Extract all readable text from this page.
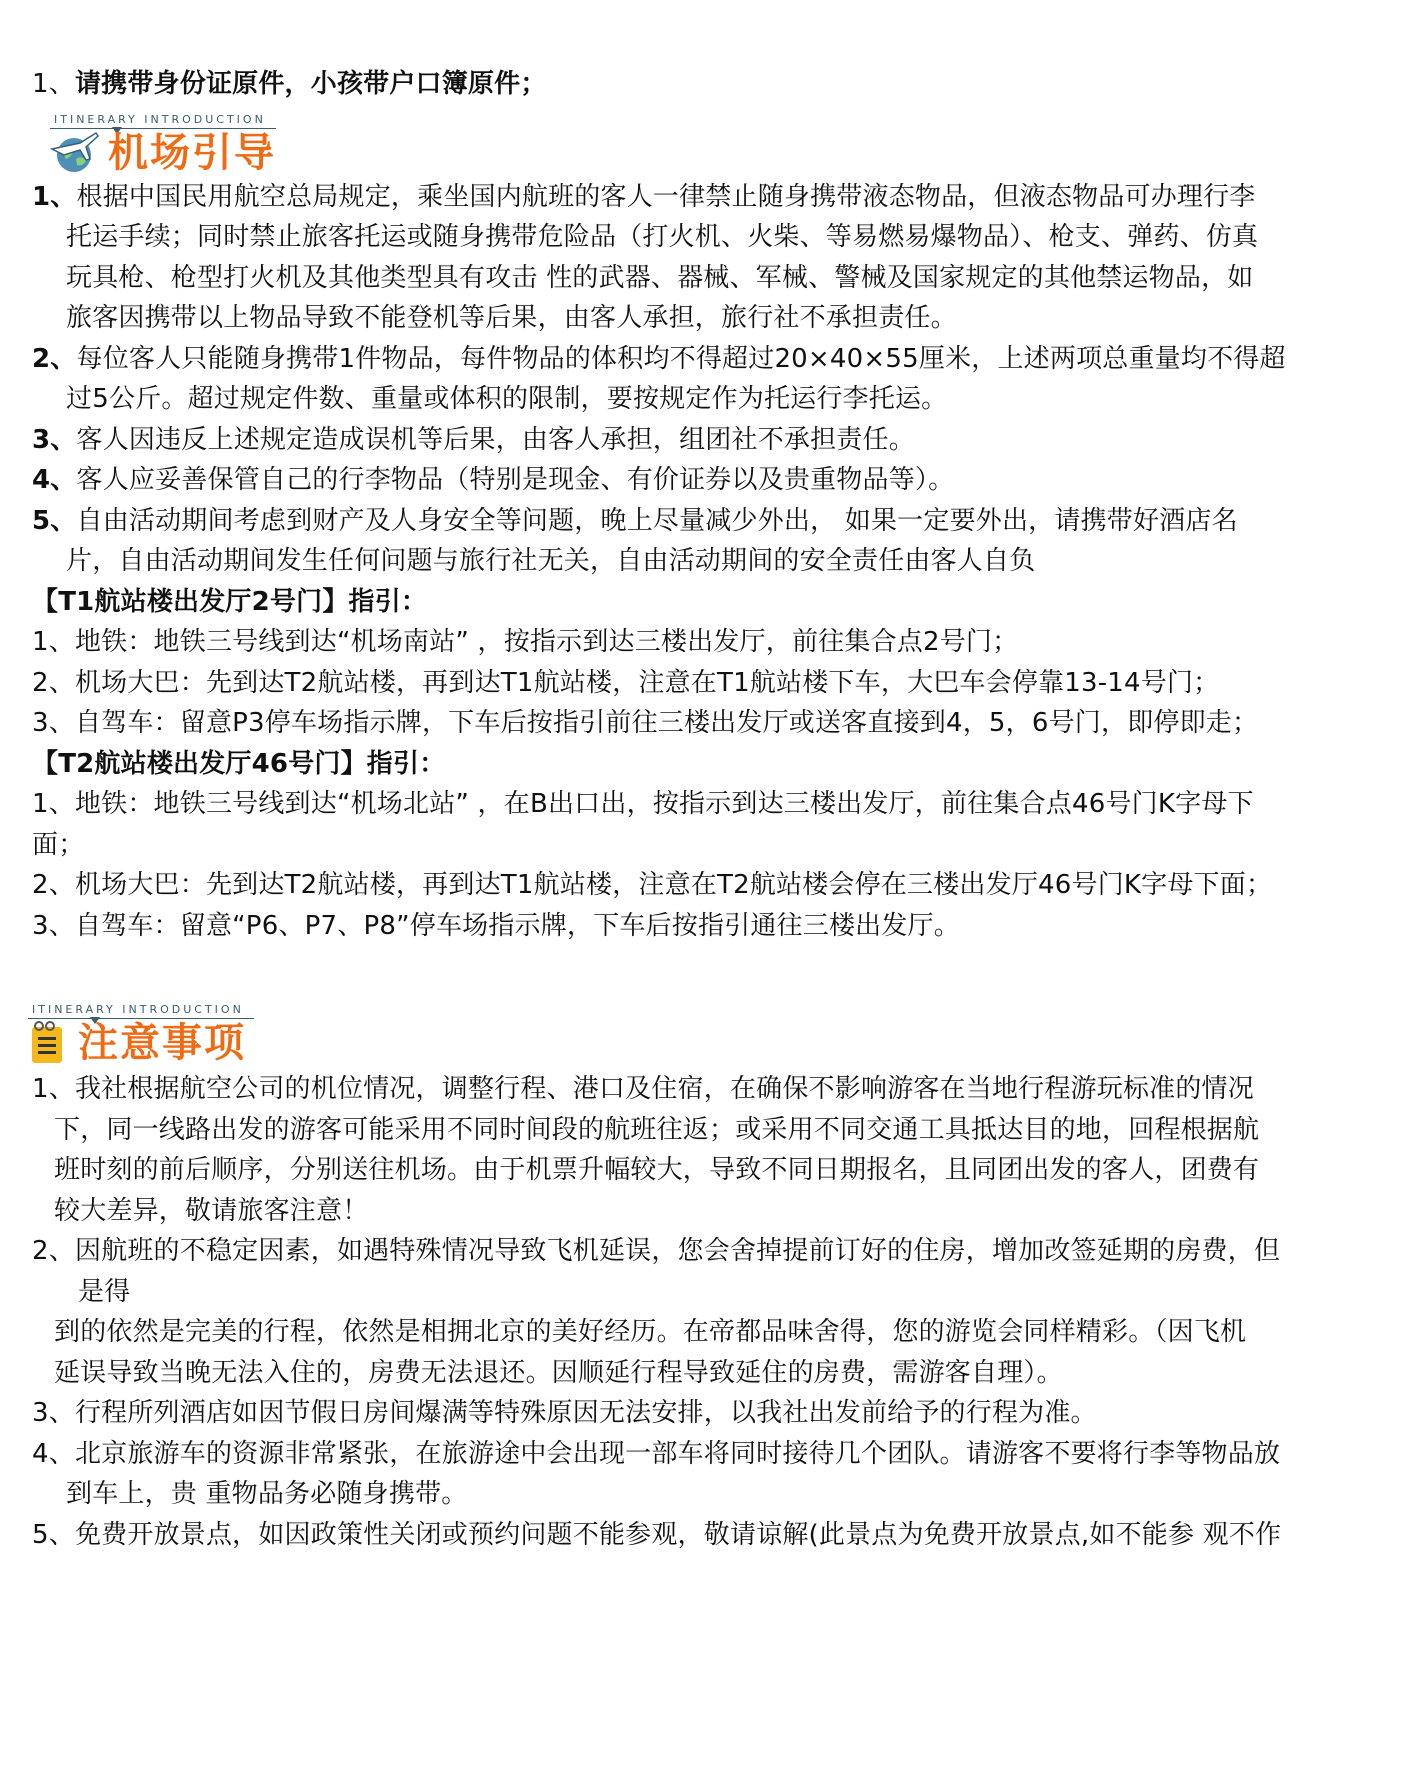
1、请携带身份证原件，小孩带户口簿原件；
ITINERARY INTRODUCTION
机场引导
1、根据中国民用航空总局规定，乘坐国内航班的客人一律禁止随身携带液态物品，但液态物品可办理行李
托运手续；同时禁止旅客托运或随身携带危险品（打火机、火柴、等易燃易爆物品）、枪支、弹药、仿真
玩具枪、枪型打火机及其他类型具有攻击 性的武器、器械、军械、警械及国家规定的其他禁运物品，如
旅客因携带以上物品导致不能登机等后果，由客人承担，旅行社不承担责任。
2、每位客人只能随身携带1件物品，每件物品的体积均不得超过20×40×55厘米，上述两项总重量均不得超
过5公斤。超过规定件数、重量或体积的限制，要按规定作为托运行李托运。
3、客人因违反上述规定造成误机等后果，由客人承担，组团社不承担责任。
4、客人应妥善保管自己的行李物品（特别是现金、有价证券以及贵重物品等）。
5、自由活动期间考虑到财产及人身安全等问题，晚上尽量减少外出， 如果一定要外出，请携带好酒店名
片，自由活动期间发生任何问题与旅行社无关，自由活动期间的安全责任由客人自负
【T1航站楼出发厅2号门】指引：
1、地铁：地铁三号线到达“机场南站” ，按指示到达三楼出发厅，前往集合点2号门；
2、机场大巴：先到达T2航站楼，再到达T1航站楼，注意在T1航站楼下车，大巴车会停靠13-14号门；
3、自驾车：留意P3停车场指示牌，下车后按指引前往三楼出发厅或送客直接到4，5，6号门，即停即走；
【T2航站楼出发厅46号门】指引：
1、地铁：地铁三号线到达“机场北站” ，在B出口出，按指示到达三楼出发厅，前往集合点46号门K字母下
面；
2、机场大巴：先到达T2航站楼，再到达T1航站楼，注意在T2航站楼会停在三楼出发厅46号门K字母下面；
3、自驾车：留意“P6、P7、P8”停车场指示牌，下车后按指引通往三楼出发厅。
ITINERARY INTRODUCTION
注意事项
1、我社根据航空公司的机位情况，调整行程、港口及住宿，在确保不影响游客在当地行程游玩标准的情况
下，同一线路出发的游客可能采用不同时间段的航班往返；或采用不同交通工具抵达目的地，回程根据航
班时刻的前后顺序，分别送往机场。由于机票升幅较大，导致不同日期报名，且同团出发的客人，团费有
较大差异，敬请旅客注意！
2、因航班的不稳定因素，如遇特殊情况导致飞机延误，您会舍掉提前订好的住房，增加改签延期的房费，但
是得
到的依然是完美的行程，依然是相拥北京的美好经历。在帝都品味舍得，您的游览会同样精彩。（因飞机
延误导致当晚无法入住的，房费无法退还。因顺延行程导致延住的房费，需游客自理）。
3、行程所列酒店如因节假日房间爆满等特殊原因无法安排，以我社出发前给予的行程为准。
4、北京旅游车的资源非常紧张，在旅游途中会出现一部车将同时接待几个团队。请游客不要将行李等物品放
到车上，贵 重物品务必随身携带。
5、免费开放景点，如因政策性关闭或预约问题不能参观，敬请谅解(此景点为免费开放景点,如不能参 观不作
